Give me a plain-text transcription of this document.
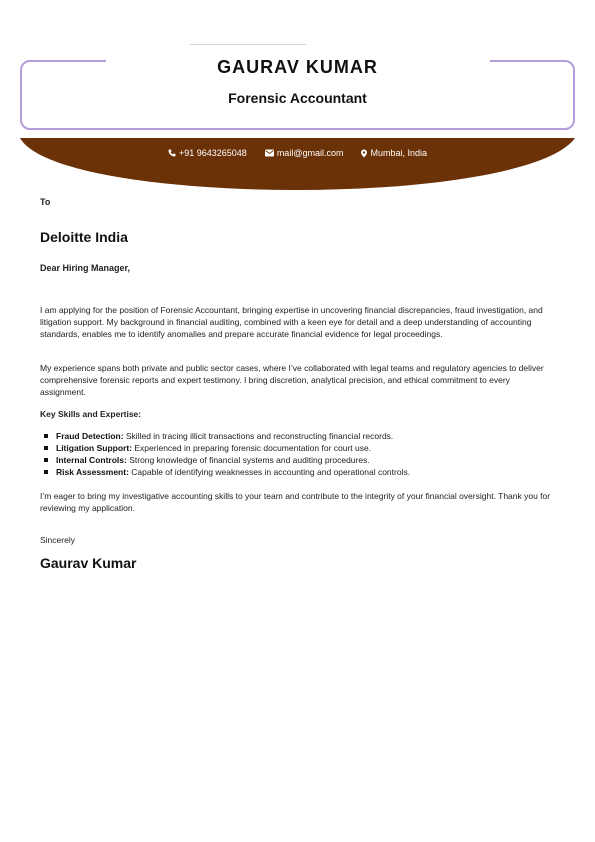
GAURAV KUMAR
Forensic Accountant
+91 9643265048	mail@gmail.com	Mumbai, India
To
Deloitte India
Dear Hiring Manager,
I am applying for the position of Forensic Accountant, bringing expertise in uncovering financial discrepancies, fraud investigation, and litigation support. My background in financial auditing, combined with a keen eye for detail and a deep understanding of accounting standards, enables me to identify anomalies and prepare accurate financial evidence for legal proceedings.
My experience spans both private and public sector cases, where I’ve collaborated with legal teams and regulatory agencies to deliver comprehensive forensic reports and expert testimony. I bring discretion, analytical precision, and ethical commitment to every assignment.
Key Skills and Expertise:
Fraud Detection: Skilled in tracing illicit transactions and reconstructing financial records.
Litigation Support: Experienced in preparing forensic documentation for court use.
Internal Controls: Strong knowledge of financial systems and auditing procedures.
Risk Assessment: Capable of identifying weaknesses in accounting and operational controls.
I’m eager to bring my investigative accounting skills to your team and contribute to the integrity of your financial oversight. Thank you for reviewing my application.
Sincerely
Gaurav Kumar
